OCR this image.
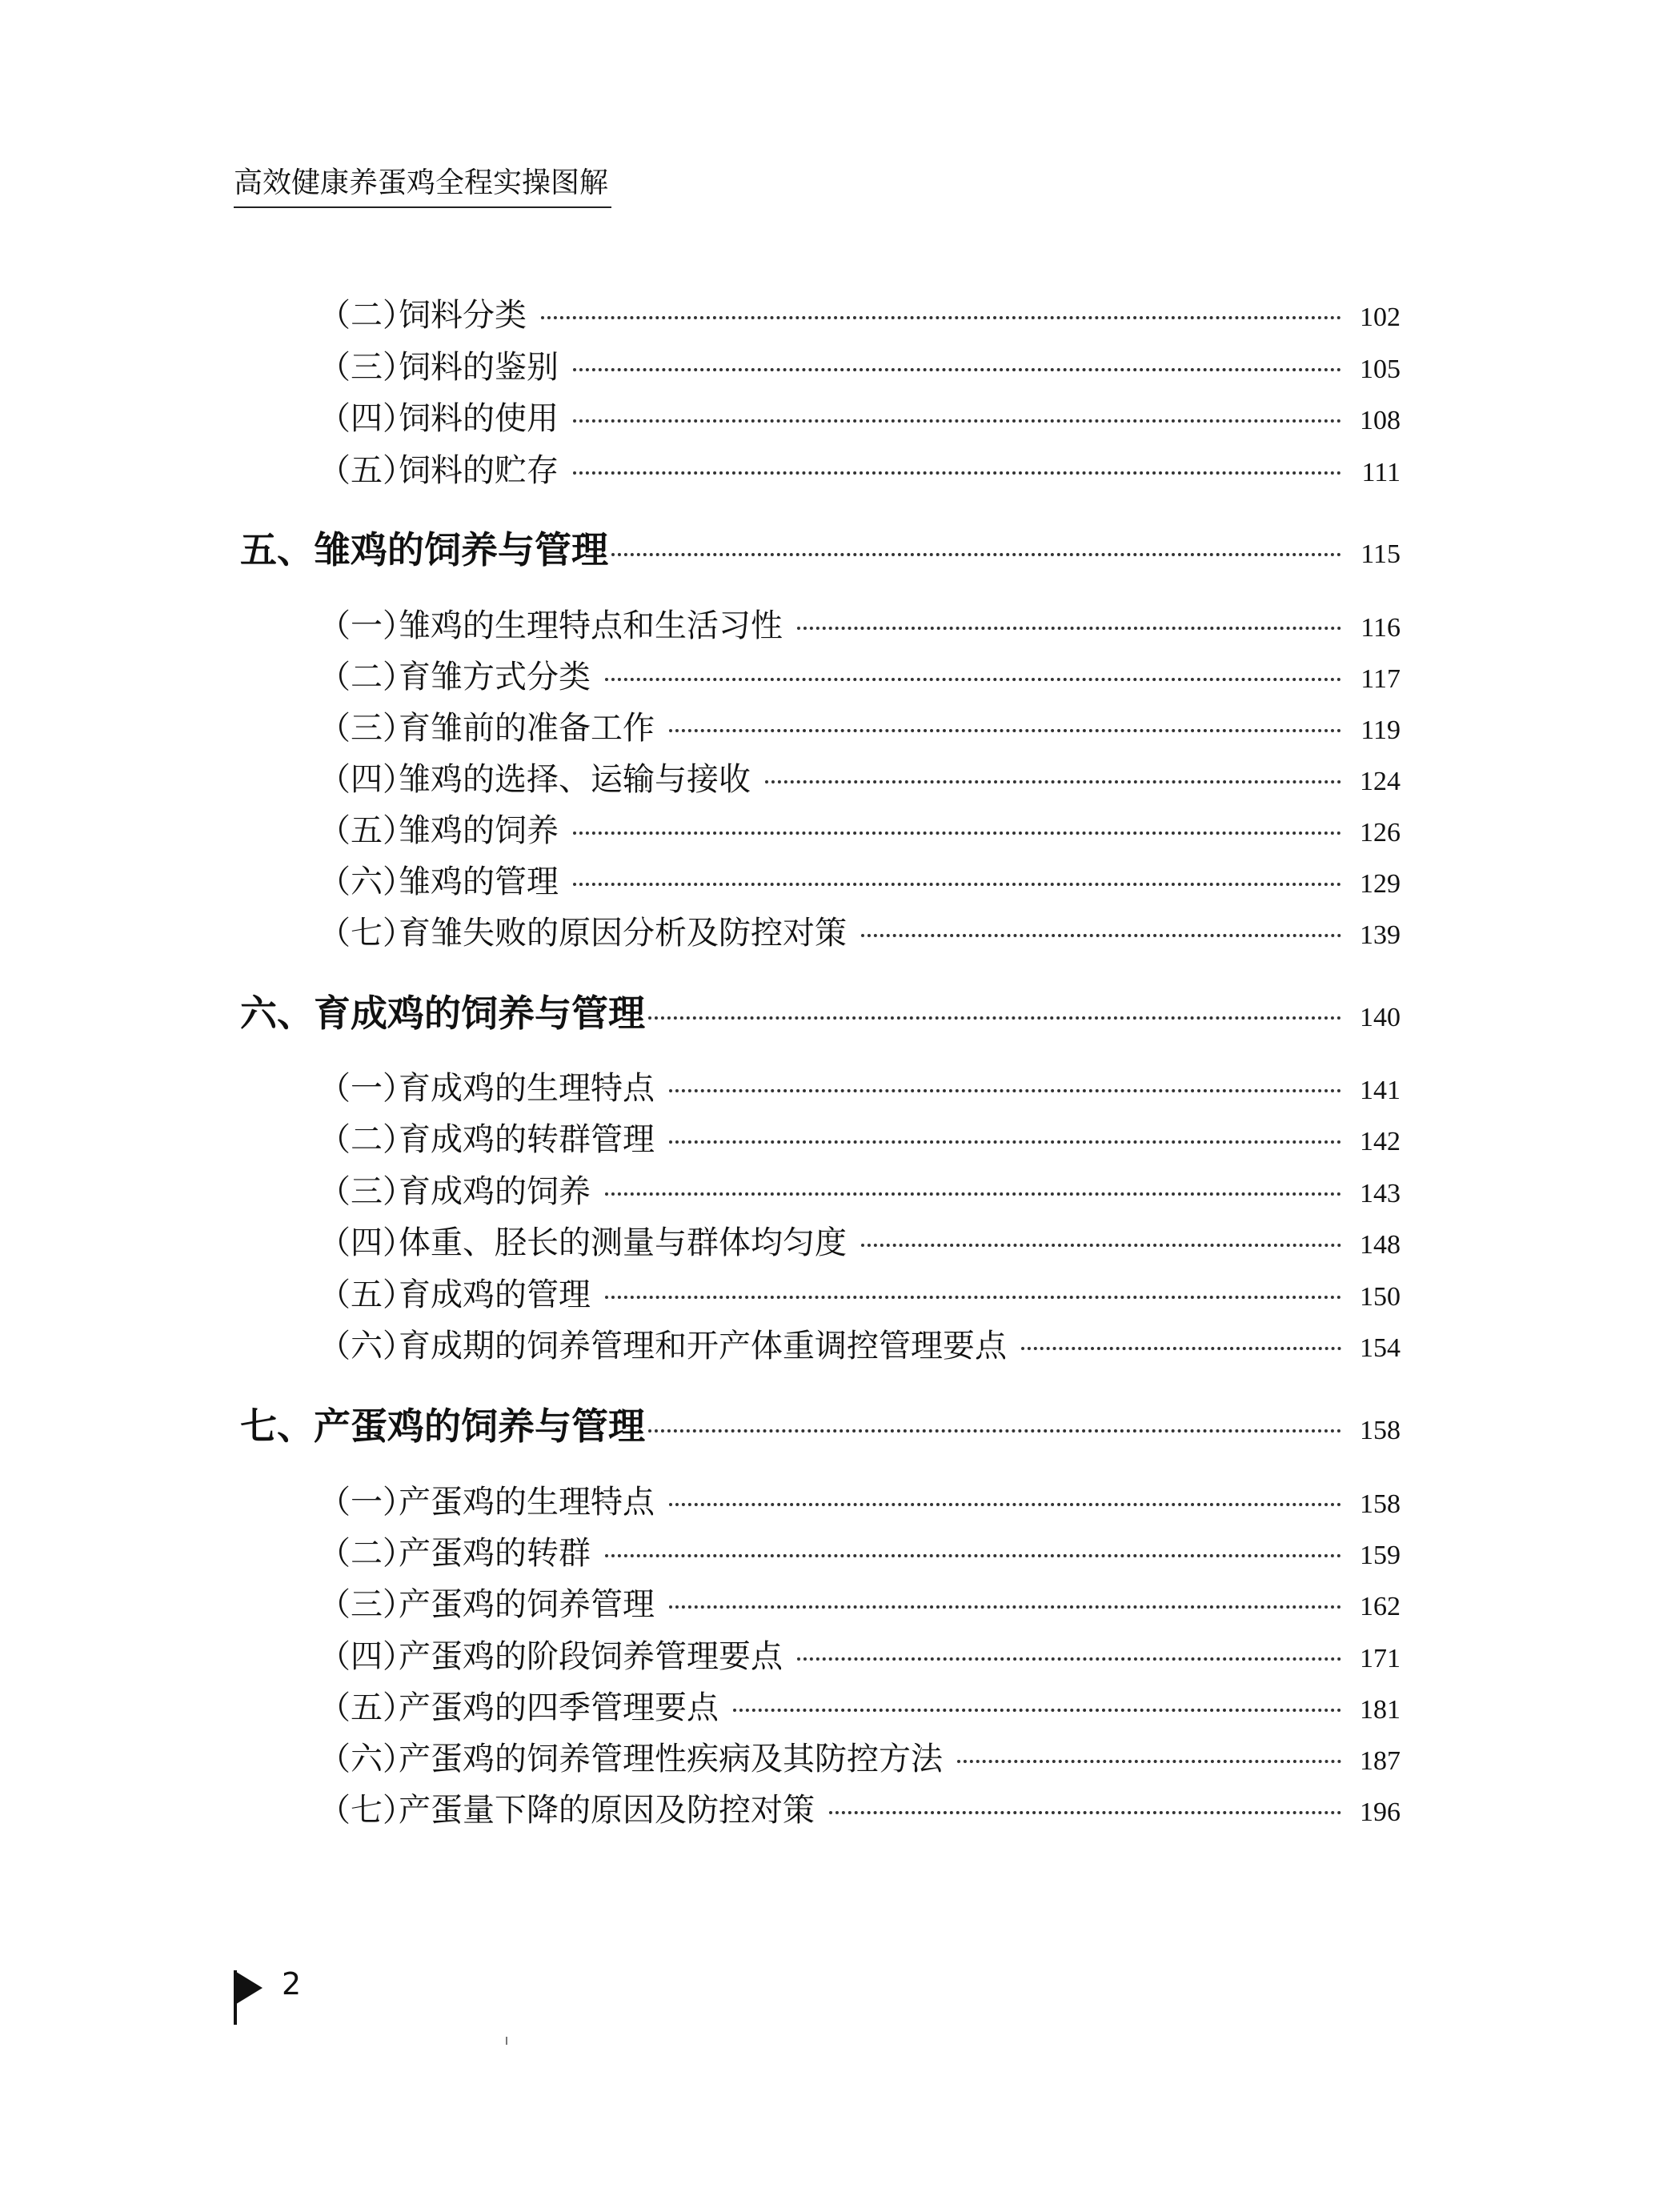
高效健康养蛋鸡全程实操图解
（二）
饲料分类	102
（三）
饲料的鉴别	105
（四）
饲料的使用	108
（五）
饲料的贮存	111
五、雏鸡的饲养与管理	115
（一）
雏鸡的生理特点和生活习性	116
（二）
育雏方式分类	117
（三）
育雏前的准备工作	119
（四）
雏鸡的选择、运输与接收	124
（五）
雏鸡的饲养	126
（六）
雏鸡的管理	129
（七）
育雏失败的原因分析及防控对策	139
六、育成鸡的饲养与管理	140
（一）
育成鸡的生理特点	141
（二）
育成鸡的转群管理	142
（三）
育成鸡的饲养	143
（四）
体重、胫长的测量与群体均匀度	148
（五）
育成鸡的管理	150
（六）
育成期的饲养管理和开产体重调控管理要点	154
七、产蛋鸡的饲养与管理	158
（一）
产蛋鸡的生理特点	158
（二）
产蛋鸡的转群	159
（三）
产蛋鸡的饲养管理	162
（四）
产蛋鸡的阶段饲养管理要点	171
（五）
产蛋鸡的四季管理要点	181
（六）
产蛋鸡的饲养管理性疾病及其防控方法	187
（七）
产蛋量下降的原因及防控对策	196
2
